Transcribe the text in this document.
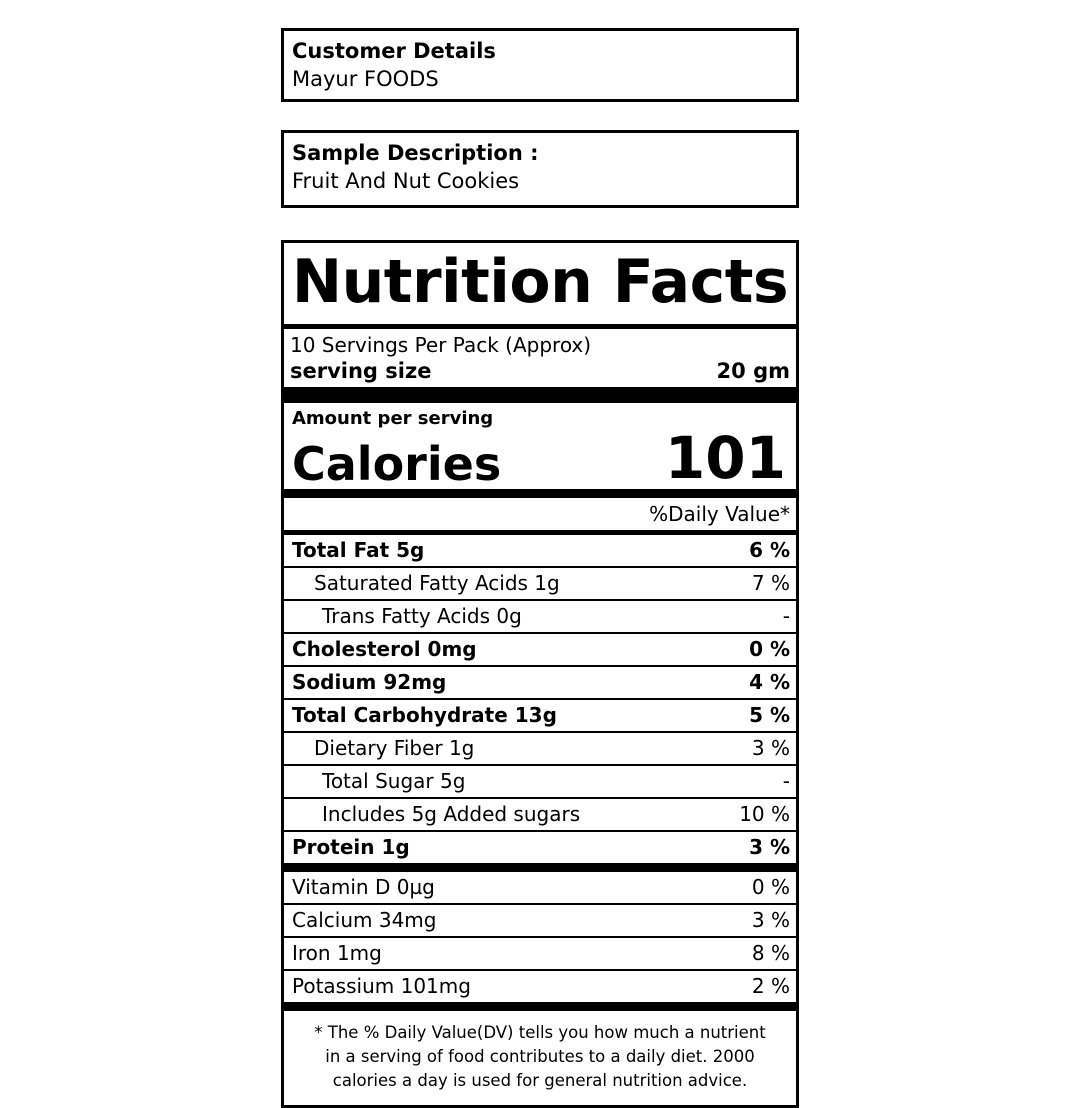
Customer Details
Mayur FOODS
Sample Description :
Fruit And Nut Cookies
Nutrition Facts
10 Servings Per Pack (Approx)
serving size	20 gm
Amount per serving
Calories	101
%Daily Value*
Total Fat 5g	6 %
Saturated Fatty Acids 1g	7 %
Trans Fatty Acids 0g	-
Cholesterol 0mg	0 %
Sodium 92mg	4 %
Total Carbohydrate 13g	5 %
Dietary Fiber 1g	3 %
Total Sugar 5g	-
Includes 5g Added sugars	10 %
Protein 1g	3 %
Vitamin D 0µg	0 %
Calcium 34mg	3 %
Iron 1mg	8 %
Potassium 101mg	2 %
* The % Daily Value(DV) tells you how much a nutrient in a serving of food contributes to a daily diet. 2000 calories a day is used for general nutrition advice.
